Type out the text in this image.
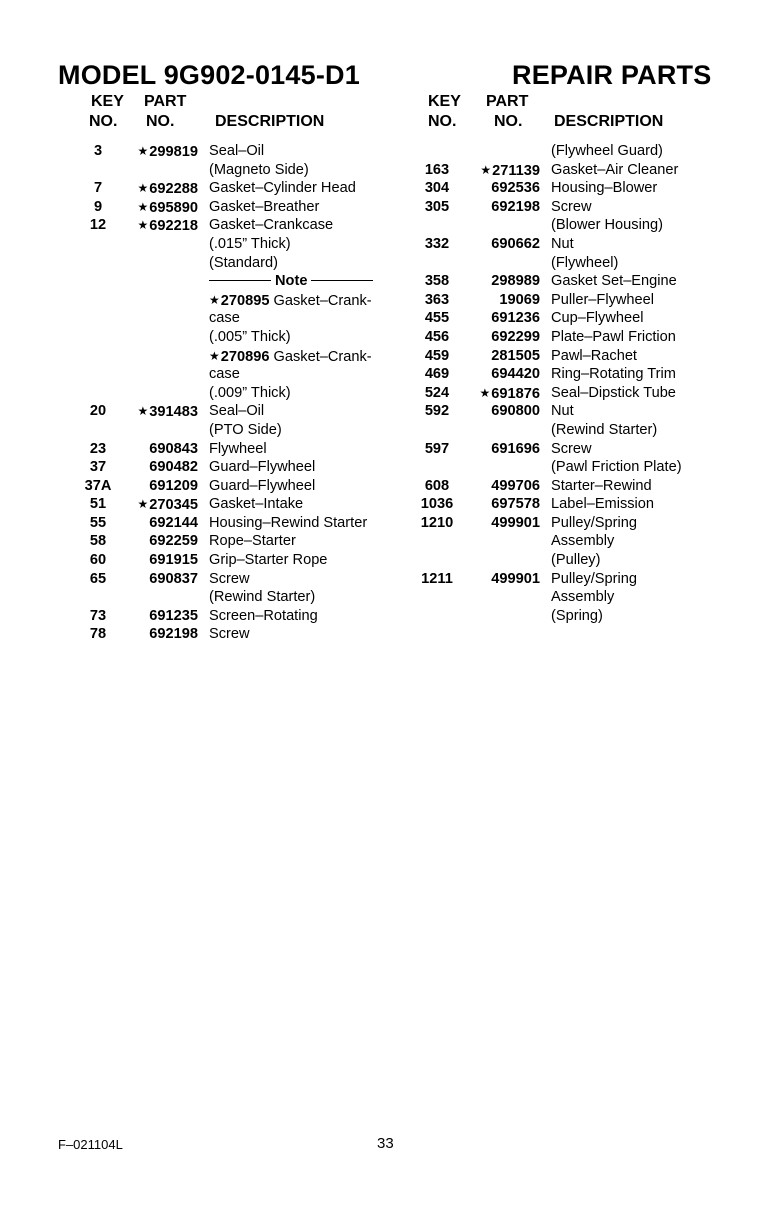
MODEL 9G902-0145-D1	REPAIR PARTS
KEY
NO.
PART
NO.	DESCRIPTION
3	★299819 Seal–Oil
(Magneto Side)
7	★692288 Gasket–Cylinder Head
9	★695890 Gasket–Breather
12	★692218 Gasket–Crankcase
(.015” Thick)
(Standard)
Note
★270895 Gasket–Crank-
case
(.005” Thick)
★270896 Gasket–Crank-
case
(.009” Thick)
20	★391483 Seal–Oil
(PTO Side)
23	690843 Flywheel
37	690482 Guard–Flywheel
37A	691209 Guard–Flywheel
51	★270345 Gasket–Intake
55	692144 Housing–Rewind Starter
58	692259 Rope–Starter
60	691915 Grip–Starter Rope
65	690837 Screw
(Rewind Starter)
73	691235 Screen–Rotating
78	692198 Screw
KEY
NO.
PART
NO. DESCRIPTION
(Flywheel Guard)
163	★271139 Gasket–Air Cleaner
304	692536 Housing–Blower
305	692198 Screw
(Blower Housing)
332	690662 Nut
(Flywheel)
358	298989 Gasket Set–Engine
363	19069 Puller–Flywheel
455	691236 Cup–Flywheel
456	692299 Plate–Pawl Friction
459	281505 Pawl–Rachet
469	694420 Ring–Rotating Trim
524	★691876 Seal–Dipstick Tube
592	690800 Nut
(Rewind Starter)
597	691696 Screw
(Pawl Friction Plate)
608	499706 Starter–Rewind
1036	697578 Label–Emission
1210	499901 Pulley/Spring
Assembly
(Pulley)
1211	499901 Pulley/Spring
Assembly
(Spring)
F–021104L	33
